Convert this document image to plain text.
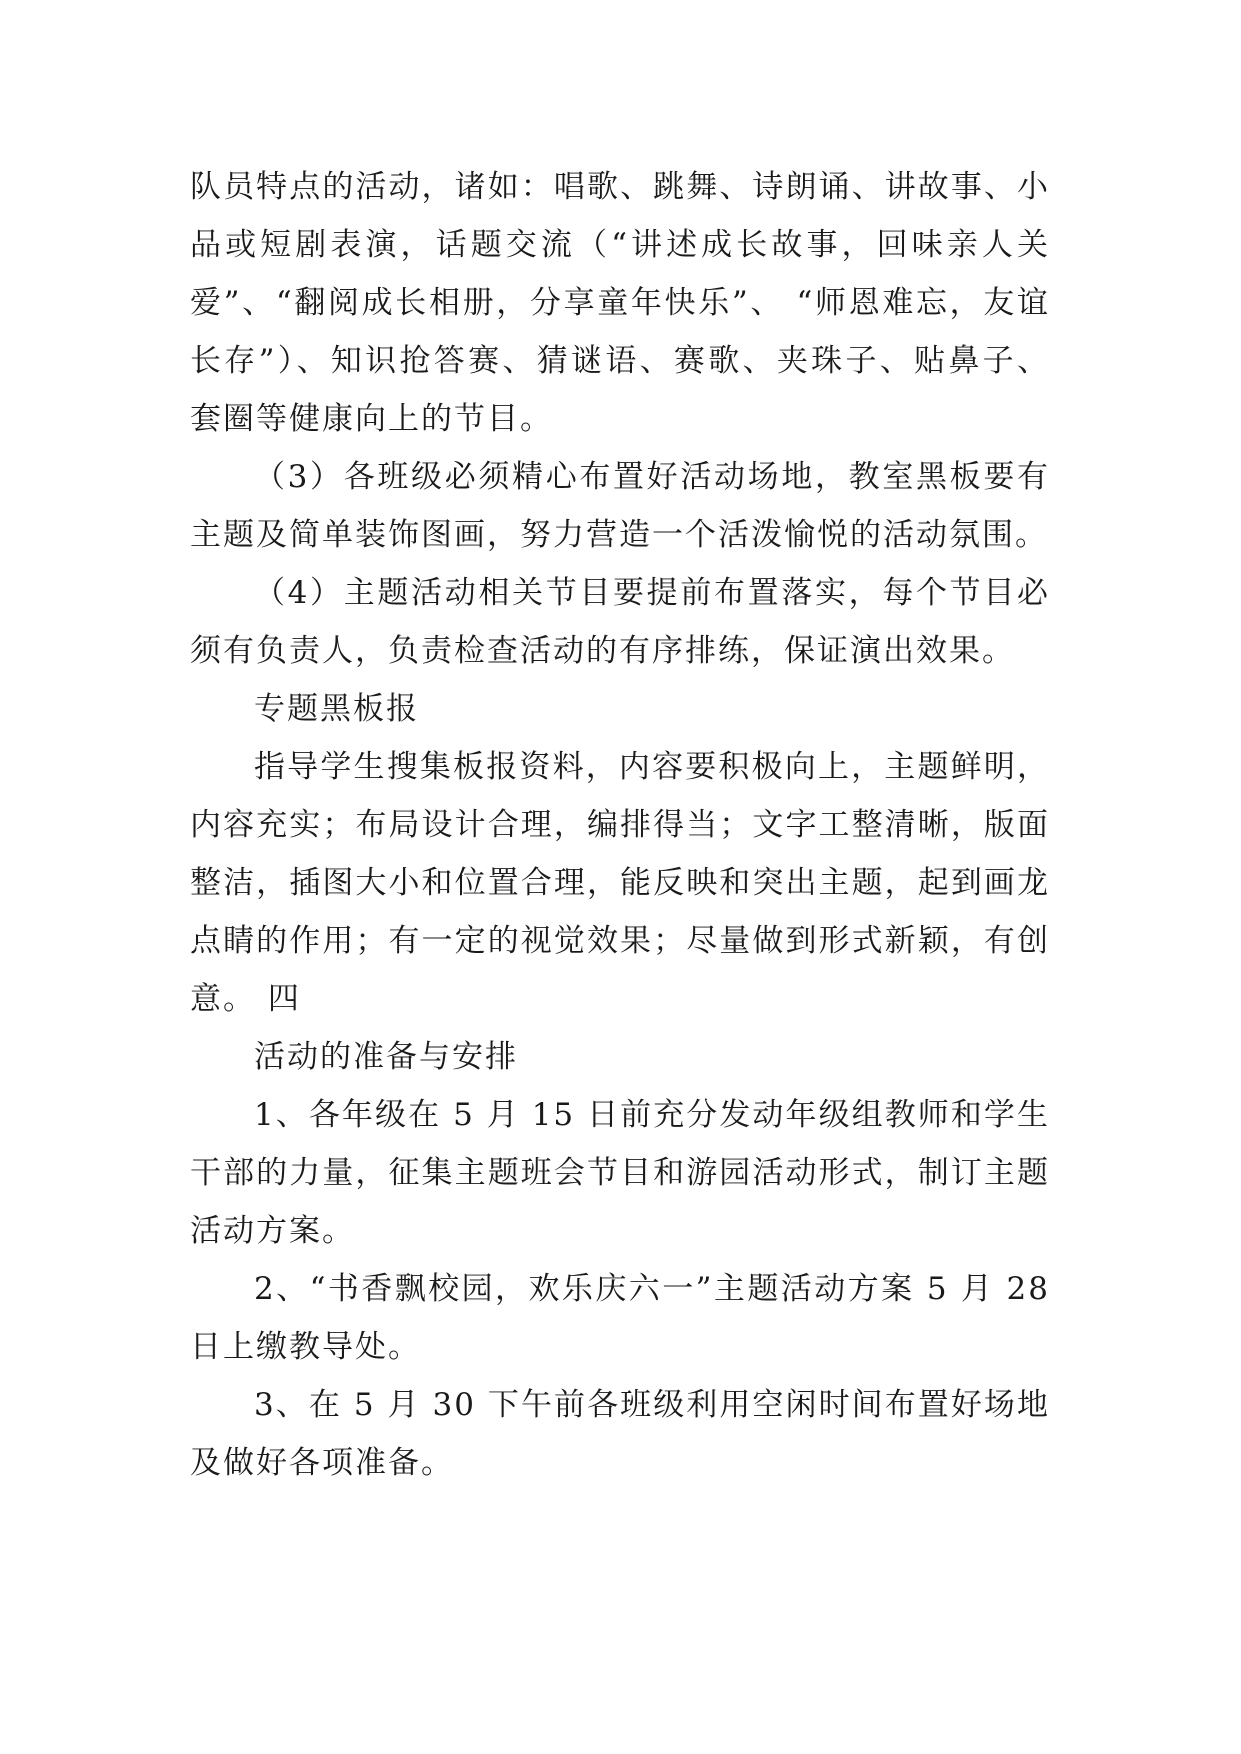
队员特点的活动，诸如：唱歌、跳舞、诗朗诵、讲故事、小品或短剧表演，话题交流（“讲述成长故事，回味亲人关爱”、“翻阅成长相册，分享童年快乐”、 “师恩难忘，友谊长存”）、知识抢答赛、猜谜语、赛歌、夹珠子、贴鼻子、套圈等健康向上的节目。

（3）各班级必须精心布置好活动场地，教室黑板要有主题及简单装饰图画，努力营造一个活泼愉悦的活动氛围。

（4）主题活动相关节目要提前布置落实，每个节目必须有负责人，负责检查活动的有序排练，保证演出效果。

专题黑板报

指导学生搜集板报资料，内容要积极向上，主题鲜明，内容充实；布局设计合理，编排得当；文字工整清晰，版面整洁，插图大小和位置合理，能反映和突出主题，起到画龙点睛的作用；有一定的视觉效果；尽量做到形式新颖，有创意。 四

活动的准备与安排

1、各年级在 5 月 15 日前充分发动年级组教师和学生干部的力量，征集主题班会节目和游园活动形式，制订主题活动方案。

2、“书香飘校园，欢乐庆六一”主题活动方案 5 月 28 日上缴教导处。

3、在 5 月 30 下午前各班级利用空闲时间布置好场地及做好各项准备。
